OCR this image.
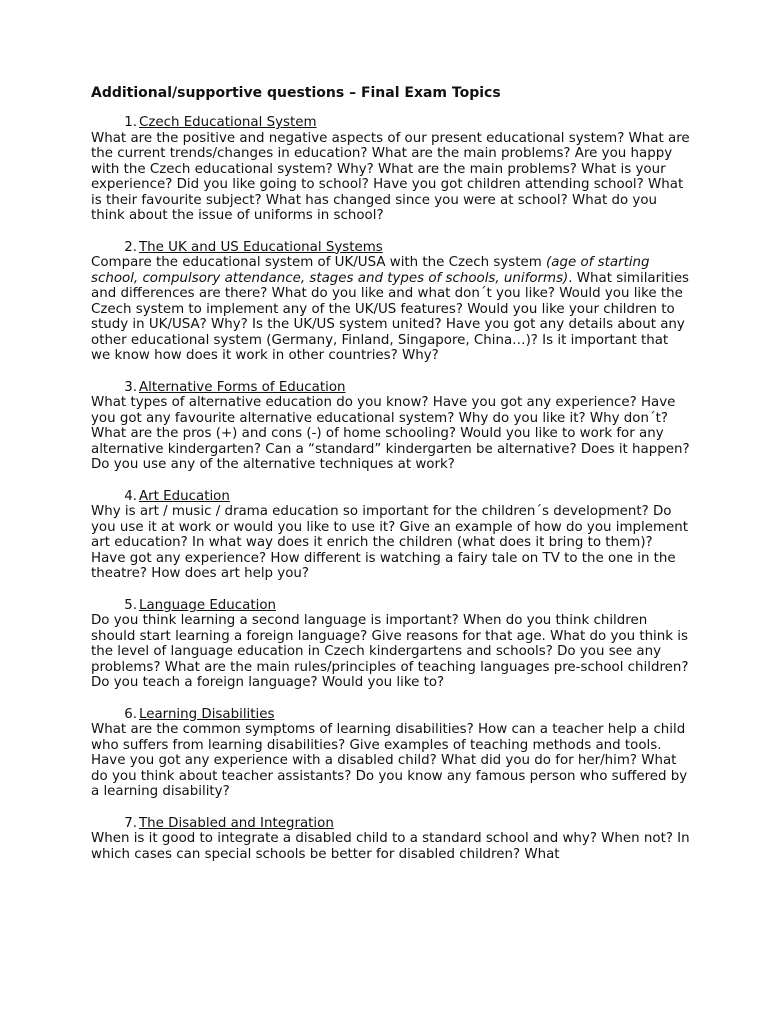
Additional/supportive questions – Final Exam Topics
1. Czech Educational System

What are the positive and negative aspects of our present educational system? What are the current trends/changes in education? What are the main problems? Are you happy with the Czech educational system? Why? What are the main problems? What is your experience? Did you like going to school? Have you got children attending school? What is their favourite subject? What has changed since you were at school? What do you think about the issue of uniforms in school?

2. The UK and US Educational Systems

Compare the educational system of UK/USA with the Czech system (age of starting school, compulsory attendance, stages and types of schools, uniforms). What similarities and differences are there? What do you like and what don´t you like? Would you like the Czech system to implement any of the UK/US features? Would you like your children to study in UK/USA? Why? Is the UK/US system united? Have you got any details about any other educational system (Germany, Finland, Singapore, China…)? Is it important that we know how does it work in other countries? Why?

3. Alternative Forms of Education

What types of alternative education do you know? Have you got any experience? Have you got any favourite alternative educational system? Why do you like it? Why don´t? What are the pros (+) and cons (-) of home schooling? Would you like to work for any alternative kindergarten? Can a “standard” kindergarten be alternative? Does it happen? Do you use any of the alternative techniques at work?

4. Art Education

Why is art / music / drama education so important for the children´s development? Do you use it at work or would you like to use it? Give an example of how do you implement art education? In what way does it enrich the children (what does it bring to them)? Have got any experience? How different is watching a fairy tale on TV to the one in the theatre? How does art help you?

5. Language Education

Do you think learning a second language is important? When do you think children should start learning a foreign language? Give reasons for that age. What do you think is the level of language education in Czech kindergartens and schools? Do you see any problems? What are the main rules/principles of teaching languages pre-school children? Do you teach a foreign language? Would you like to?

6. Learning Disabilities

What are the common symptoms of learning disabilities? How can a teacher help a child who suffers from learning disabilities? Give examples of teaching methods and tools. Have you got any experience with a disabled child? What did you do for her/him? What do you think about teacher assistants? Do you know any famous person who suffered by a learning disability?

7. The Disabled and Integration

When is it good to integrate a disabled child to a standard school and why? When not? In which cases can special schools be better for disabled children? What
